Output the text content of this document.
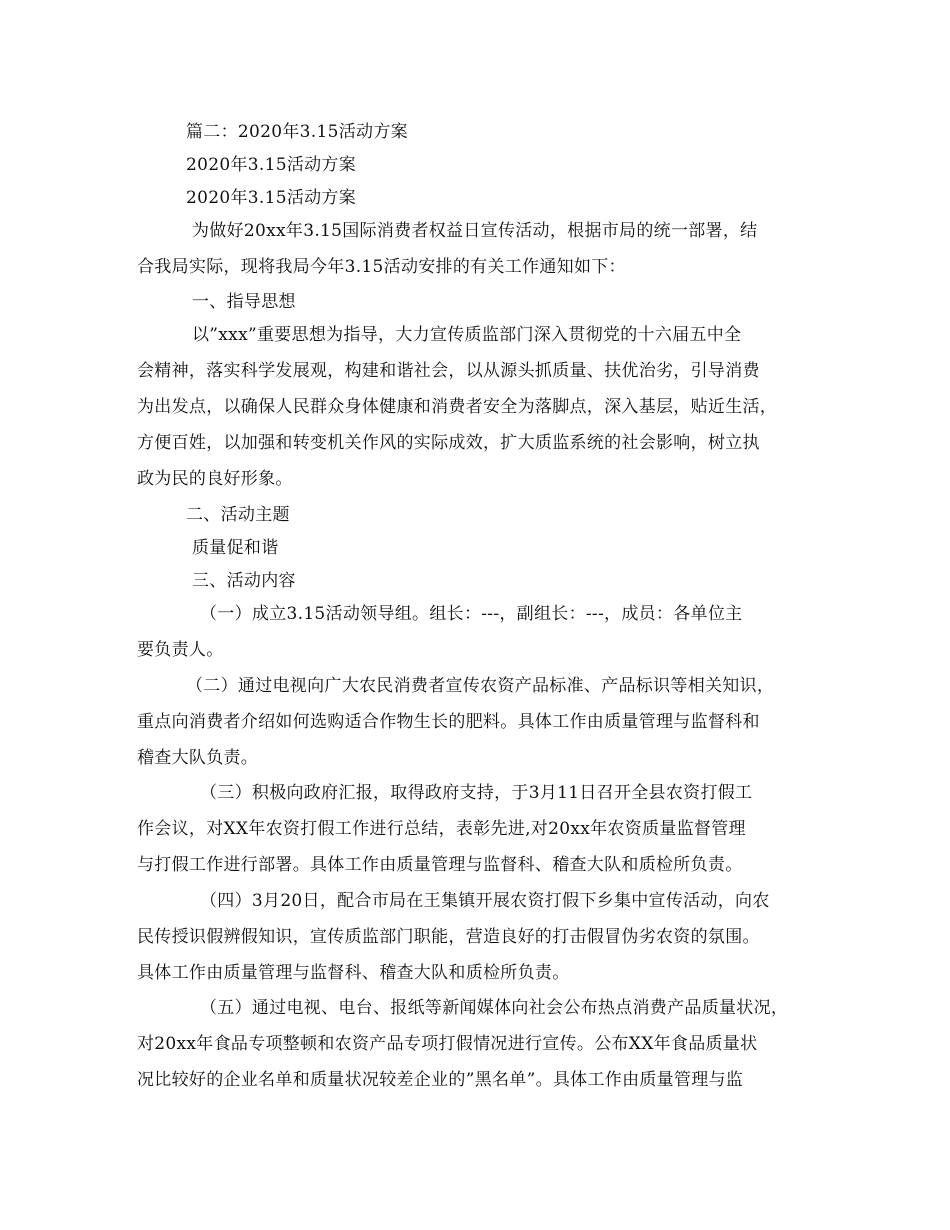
篇二：2020年3.15活动方案
2020年3.15活动方案
2020年3.15活动方案
为做好20xx年3.15国际消费者权益日宣传活动，根据市局的统一部署，结
合我局实际，现将我局今年3.15活动安排的有关工作通知如下：
一、指导思想
以”xxx”重要思想为指导，大力宣传质监部门深入贯彻党的十六届五中全
会精神，落实科学发展观，构建和谐社会，以从源头抓质量、扶优治劣，引导消费
为出发点，以确保人民群众身体健康和消费者安全为落脚点，深入基层，贴近生活，
方便百姓，以加强和转变机关作风的实际成效，扩大质监系统的社会影响，树立执
政为民的良好形象。
二、活动主题
质量促和谐
三、活动内容
（一）成立3.15活动领导组。组长：---，副组长：---，成员：各单位主
要负责人。
（二）通过电视向广大农民消费者宣传农资产品标准、产品标识等相关知识，
重点向消费者介绍如何选购适合作物生长的肥料。具体工作由质量管理与监督科和
稽查大队负责。
（三）积极向政府汇报，取得政府支持，于3月11日召开全县农资打假工
作会议，对XX年农资打假工作进行总结，表彰先进,对20xx年农资质量监督管理
与打假工作进行部署。具体工作由质量管理与监督科、稽查大队和质检所负责。
（四）3月20日，配合市局在王集镇开展农资打假下乡集中宣传活动，向农
民传授识假辨假知识，宣传质监部门职能，营造良好的打击假冒伪劣农资的氛围。
具体工作由质量管理与监督科、稽查大队和质检所负责。
（五）通过电视、电台、报纸等新闻媒体向社会公布热点消费产品质量状况，
对20xx年食品专项整顿和农资产品专项打假情况进行宣传。公布XX年食品质量状
况比较好的企业名单和质量状况较差企业的”黑名单”。具体工作由质量管理与监
